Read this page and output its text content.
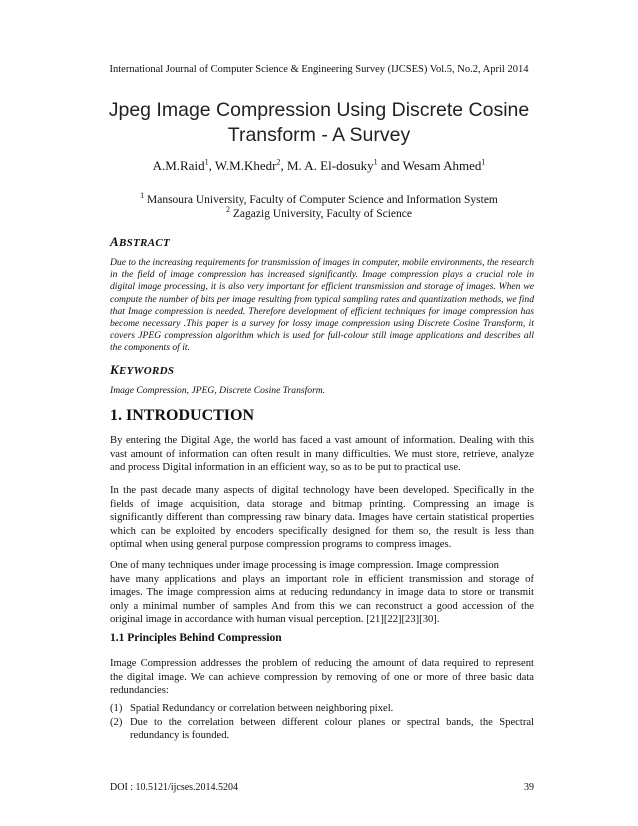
International Journal of Computer Science & Engineering Survey (IJCSES) Vol.5, No.2, April 2014
Jpeg Image Compression Using Discrete Cosine
Transform - A Survey
A.M.Raid$^1$, W.M.Khedr$^2$, M. A. El-dosuky$^1$ and Wesam Ahmed$^1$
$^1$ Mansoura University, Faculty of Computer Science and Information System
$^2$ Zagazig University, Faculty of Science
ABSTRACT
Due to the increasing requirements for transmission of images in computer, mobile environments, the research in the field of image compression has increased significantly. Image compression plays a crucial role in digital image processing, it is also very important for efficient transmission and storage of images. When we compute the number of bits per image resulting from typical sampling rates and quantization methods, we find that Image compression is needed. Therefore development of efficient techniques for image compression has become necessary .This paper is a survey for lossy image compression using Discrete Cosine Transform, it covers JPEG compression algorithm which is used for full-colour still image applications and describes all the components of it.
KEYWORDS
Image Compression, JPEG, Discrete Cosine Transform.
1. INTRODUCTION
By entering the Digital Age, the world has faced a vast amount of information. Dealing with this
vast amount of information can often result in many difficulties. We must store, retrieve, analyze
and process Digital information in an efficient way, so as to be put to practical use.
In the past decade many aspects of digital technology have been developed. Specifically in the
fields of image acquisition, data storage and bitmap printing. Compressing an image is
significantly different than compressing raw binary data. Images have certain statistical properties
which can be exploited by encoders specifically designed for them so, the result is less than
optimal when using general purpose compression programs to compress images.
One of many techniques under image processing is image compression. Image compression
have many applications and plays an important role in efficient transmission and storage of
images. The image compression aims at reducing redundancy in image data to store or transmit
only a minimal number of samples And from this we can reconstruct a good accession of the
original image in accordance with human visual perception. [21][22][23][30].
1.1 Principles Behind Compression
Image Compression addresses the problem of reducing the amount of data required to represent
the digital image. We can achieve compression by removing of one or more of three basic data
redundancies:
(1) Spatial Redundancy or correlation between neighboring pixel.
(2) Due to the correlation between different colour planes or spectral bands, the Spectral redundancy is founded.
DOI : 10.5121/ijcses.2014.5204	39
